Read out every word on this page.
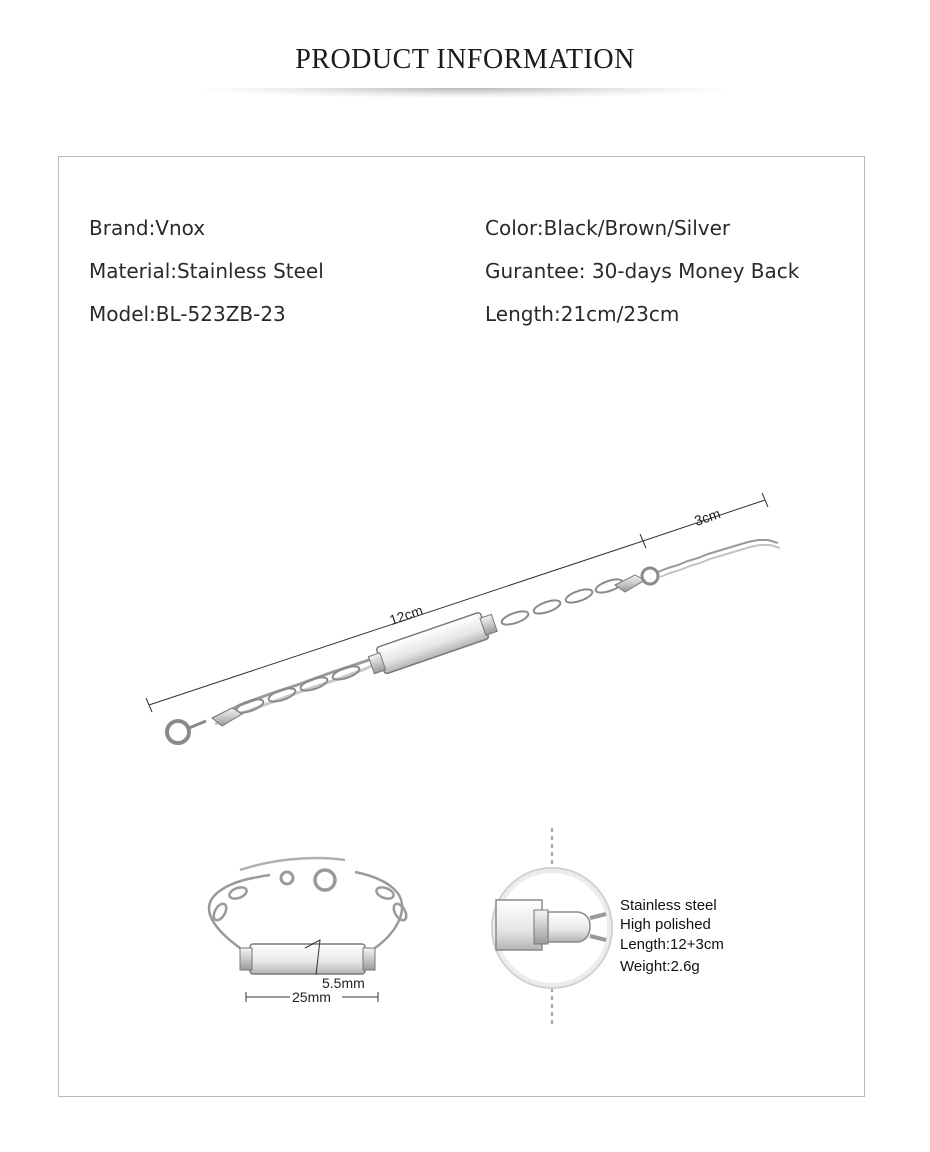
PRODUCT INFORMATION
Brand:Vnox
Material:Stainless Steel
Model:BL-523ZB-23
Color:Black/Brown/Silver
Gurantee: 30-days Money Back
Length:21cm/23cm
12cm
3cm
5.5mm
25mm
Stainless steel
High polished
Length:12+3cm
Weight:2.6g
